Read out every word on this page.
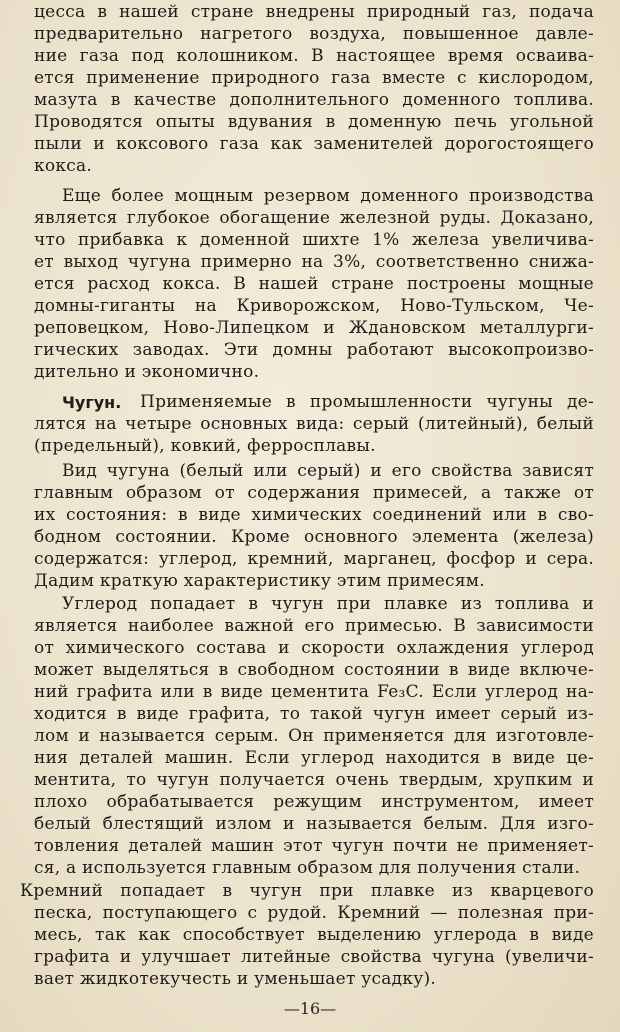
цесса в нашей стране внедрены природный газ, подача
предварительно нагретого воздуха, повышенное давле-
ние газа под колошником. В настоящее время осваива-
ется применение природного газа вместе с кислородом,
мазута в качестве дополнительного доменного топлива.
Проводятся опыты вдувания в доменную печь угольной
пыли и коксового газа как заменителей дорогостоящего
кокса.
Еще более мощным резервом доменного производства
является глубокое обогащение железной руды. Доказано,
что прибавка к доменной шихте 1% железа увеличива-
ет выход чугуна примерно на 3%, соответственно снижа-
ется расход кокса. В нашей стране построены мощные
домны-гиганты на Криворожском, Ново-Тульском, Че-
реповецком, Ново-Липецком и Ждановском металлурги-
гических заводах. Эти домны работают высокопроизво-
дительно и экономично.
Чугун.	Применяемые в промышленности чугуны де-
лятся на четыре основных вида: серый (литейный), белый
(предельный), ковкий, ферросплавы.
Вид чугуна (белый или серый) и его свойства зависят
главным образом от содержания примесей, а также от
их состояния: в виде химических соединений или в сво-
бодном состоянии. Кроме основного элемента (железа)
содержатся: углерод, кремний, марганец, фосфор и сера.
Дадим краткую характеристику этим примесям.
Углерод попадает в чугун при плавке из топлива и
является наиболее важной его примесью. В зависимости
от химического состава и скорости охлаждения углерод
может выделяться в свободном состоянии в виде включе-
ний графита или в виде цементита Fe₃C. Если углерод на-
ходится в виде графита, то такой чугун имеет серый из-
лом и называется серым. Он применяется для изготовле-
ния деталей машин. Если углерод находится в виде це-
ментита, то чугун получается очень твердым, хрупким и
плохо обрабатывается режущим инструментом, имеет
белый блестящий излом и называется белым. Для изго-
товления деталей машин этот чугун почти не применяет-
ся, а используется главным образом для получения стали.
Кремний попадает в чугун при плавке из кварцевого
песка, поступающего с рудой. Кремний — полезная при-
месь, так как способствует выделению углерода в виде
графита и улучшает литейные свойства чугуна (увеличи-
вает жидкотекучесть и уменьшает усадку).
—16—
